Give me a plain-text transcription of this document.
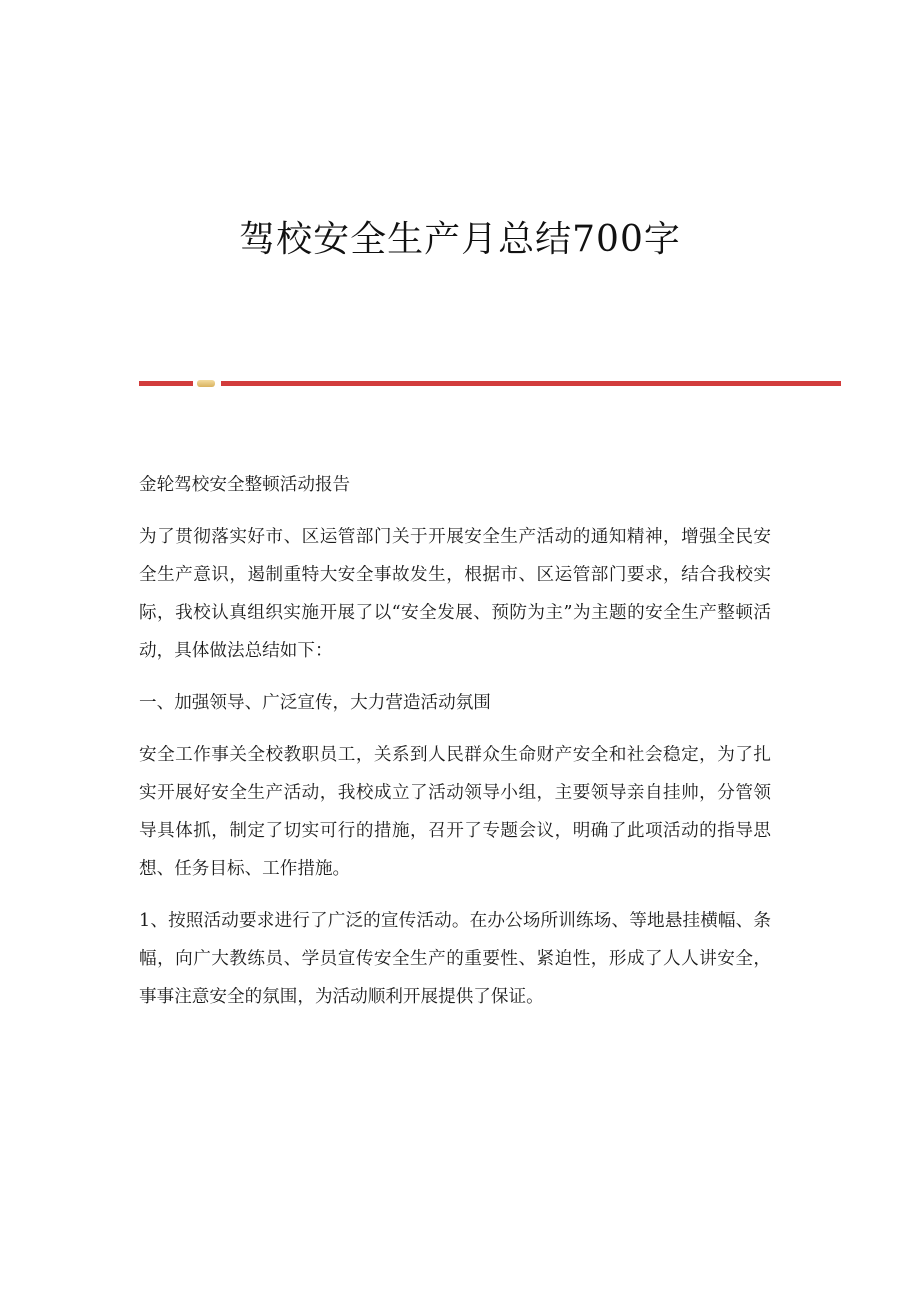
驾校安全生产月总结700字

金轮驾校安全整顿活动报告

为了贯彻落实好市、区运管部门关于开展安全生产活动的通知精神，增强全民安全生产意识，遏制重特大安全事故发生，根据市、区运管部门要求，结合我校实际，我校认真组织实施开展了以“安全发展、预防为主”为主题的安全生产整顿活动，具体做法总结如下：

一、加强领导、广泛宣传，大力营造活动氛围

安全工作事关全校教职员工，关系到人民群众生命财产安全和社会稳定，为了扎实开展好安全生产活动，我校成立了活动领导小组，主要领导亲自挂帅，分管领导具体抓，制定了切实可行的措施，召开了专题会议，明确了此项活动的指导思想、任务目标、工作措施。

1、按照活动要求进行了广泛的宣传活动。在办公场所训练场、等地悬挂横幅、条幅，向广大教练员、学员宣传安全生产的重要性、紧迫性，形成了人人讲安全，事事注意安全的氛围，为活动顺利开展提供了保证。
